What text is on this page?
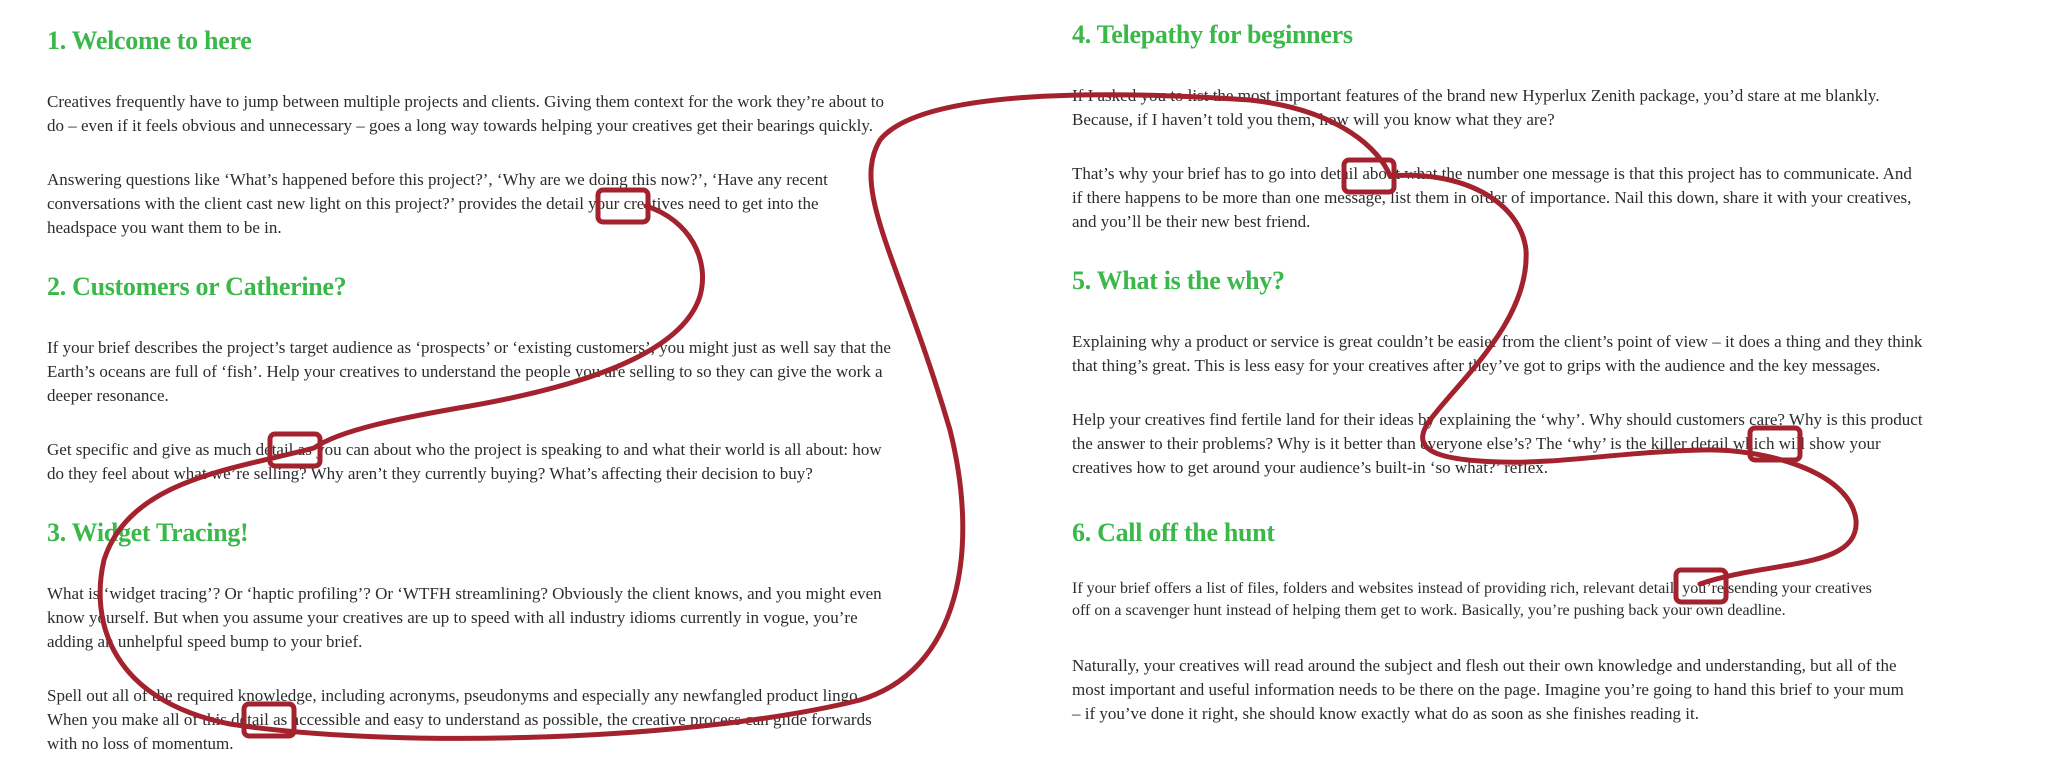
1. Welcome to here
Creatives frequently have to jump between multiple projects and clients. Giving them context for the work they’re about to
do – even if it feels obvious and unnecessary – goes a long way towards helping your creatives get their bearings quickly.
Answering questions like ‘What’s happened before this project?’, ‘Why are we doing this now?’, ‘Have any recent
conversations with the client cast new light on this project?’ provides the detail your creatives need to get into the
headspace you want them to be in.
2. Customers or Catherine?
If your brief describes the project’s target audience as ‘prospects’ or ‘existing customers’, you might just as well say that the
Earth’s oceans are full of ‘fish’. Help your creatives to understand the people you are selling to so they can give the work a
deeper resonance.
Get specific and give as much detail as you can about who the project is speaking to and what their world is all about: how
do they feel about what we’re selling? Why aren’t they currently buying? What’s affecting their decision to buy?
3. Widget Tracing!
What is ‘widget tracing’? Or ‘haptic profiling’? Or ‘WTFH streamlining? Obviously the client knows, and you might even
know yourself. But when you assume your creatives are up to speed with all industry idioms currently in vogue, you’re
adding an unhelpful speed bump to your brief.
Spell out all of the required knowledge, including acronyms, pseudonyms and especially any newfangled product lingo.
When you make all of this detail as accessible and easy to understand as possible, the creative process can glide forwards
with no loss of momentum.
4. Telepathy for beginners
If I asked you to list the most important features of the brand new Hyperlux Zenith package, you’d stare at me blankly.
Because, if I haven’t told you them, how will you know what they are?
That’s why your brief has to go into detail about what the number one message is that this project has to communicate. And
if there happens to be more than one message, list them in order of importance. Nail this down, share it with your creatives,
and you’ll be their new best friend.
5. What is the why?
Explaining why a product or service is great couldn’t be easier from the client’s point of view – it does a thing and they think
that thing’s great. This is less easy for your creatives after they’ve got to grips with the audience and the key messages.
Help your creatives find fertile land for their ideas by explaining the ‘why’. Why should customers care? Why is this product
the answer to their problems? Why is it better than everyone else’s? The ‘why’ is the killer detail which will show your
creatives how to get around your audience’s built-in ‘so what?’ reflex.
6. Call off the hunt
If your brief offers a list of files, folders and websites instead of providing rich, relevant detail, you’re sending your creatives
off on a scavenger hunt instead of helping them get to work. Basically, you’re pushing back your own deadline.
Naturally, your creatives will read around the subject and flesh out their own knowledge and understanding, but all of the
most important and useful information needs to be there on the page. Imagine you’re going to hand this brief to your mum
– if you’ve done it right, she should know exactly what do as soon as she finishes reading it.
